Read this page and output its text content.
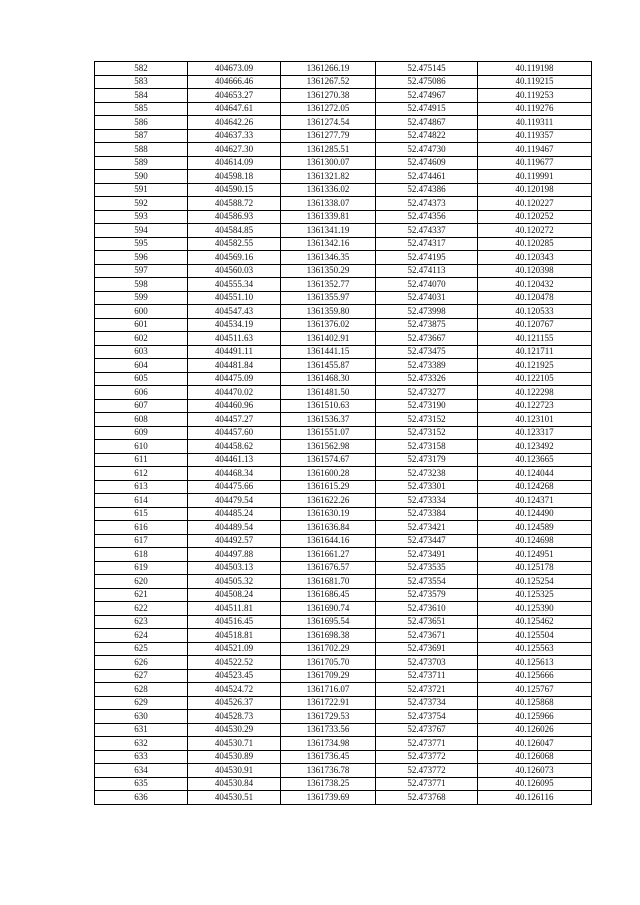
582	404673.09	1361266.19	52.475145	40.119198
583	404666.46	1361267.52	52.475086	40.119215
584	404653.27	1361270.38	52.474967	40.119253
585	404647.61	1361272.05	52.474915	40.119276
586	404642.26	1361274.54	52.474867	40.119311
587	404637.33	1361277.79	52.474822	40.119357
588	404627.30	1361285.51	52.474730	40.119467
589	404614.09	1361300.07	52.474609	40.119677
590	404598.18	1361321.82	52.474461	40.119991
591	404590.15	1361336.02	52.474386	40.120198
592	404588.72	1361338.07	52.474373	40.120227
593	404586.93	1361339.81	52.474356	40.120252
594	404584.85	1361341.19	52.474337	40.120272
595	404582.55	1361342.16	52.474317	40.120285
596	404569.16	1361346.35	52.474195	40.120343
597	404560.03	1361350.29	52.474113	40.120398
598	404555.34	1361352.77	52.474070	40.120432
599	404551.10	1361355.97	52.474031	40.120478
600	404547.43	1361359.80	52.473998	40.120533
601	404534.19	1361376.02	52.473875	40.120767
602	404511.63	1361402.91	52.473667	40.121155
603	404491.11	1361441.15	52.473475	40.121711
604	404481.84	1361455.87	52.473389	40.121925
605	404475.09	1361468.30	52.473326	40.122105
606	404470.02	1361481.50	52.473277	40.122298
607	404460.96	1361510.63	52.473190	40.122723
608	404457.27	1361536.37	52.473152	40.123101
609	404457.60	1361551.07	52.473152	40.123317
610	404458.62	1361562.98	52.473158	40.123492
611	404461.13	1361574.67	52.473179	40.123665
612	404468.34	1361600.28	52.473238	40.124044
613	404475.66	1361615.29	52.473301	40.124268
614	404479.54	1361622.26	52.473334	40.124371
615	404485.24	1361630.19	52.473384	40.124490
616	404489.54	1361636.84	52.473421	40.124589
617	404492.57	1361644.16	52.473447	40.124698
618	404497.88	1361661.27	52.473491	40.124951
619	404503.13	1361676.57	52.473535	40.125178
620	404505.32	1361681.70	52.473554	40.125254
621	404508.24	1361686.45	52.473579	40.125325
622	404511.81	1361690.74	52.473610	40.125390
623	404516.45	1361695.54	52.473651	40.125462
624	404518.81	1361698.38	52.473671	40.125504
625	404521.09	1361702.29	52.473691	40.125563
626	404522.52	1361705.70	52.473703	40.125613
627	404523.45	1361709.29	52.473711	40.125666
628	404524.72	1361716.07	52.473721	40.125767
629	404526.37	1361722.91	52.473734	40.125868
630	404528.73	1361729.53	52.473754	40.125966
631	404530.29	1361733.56	52.473767	40.126026
632	404530.71	1361734.98	52.473771	40.126047
633	404530.89	1361736.45	52.473772	40.126068
634	404530.91	1361736.78	52.473772	40.126073
635	404530.84	1361738.25	52.473771	40.126095
636	404530.51	1361739.69	52.473768	40.126116
